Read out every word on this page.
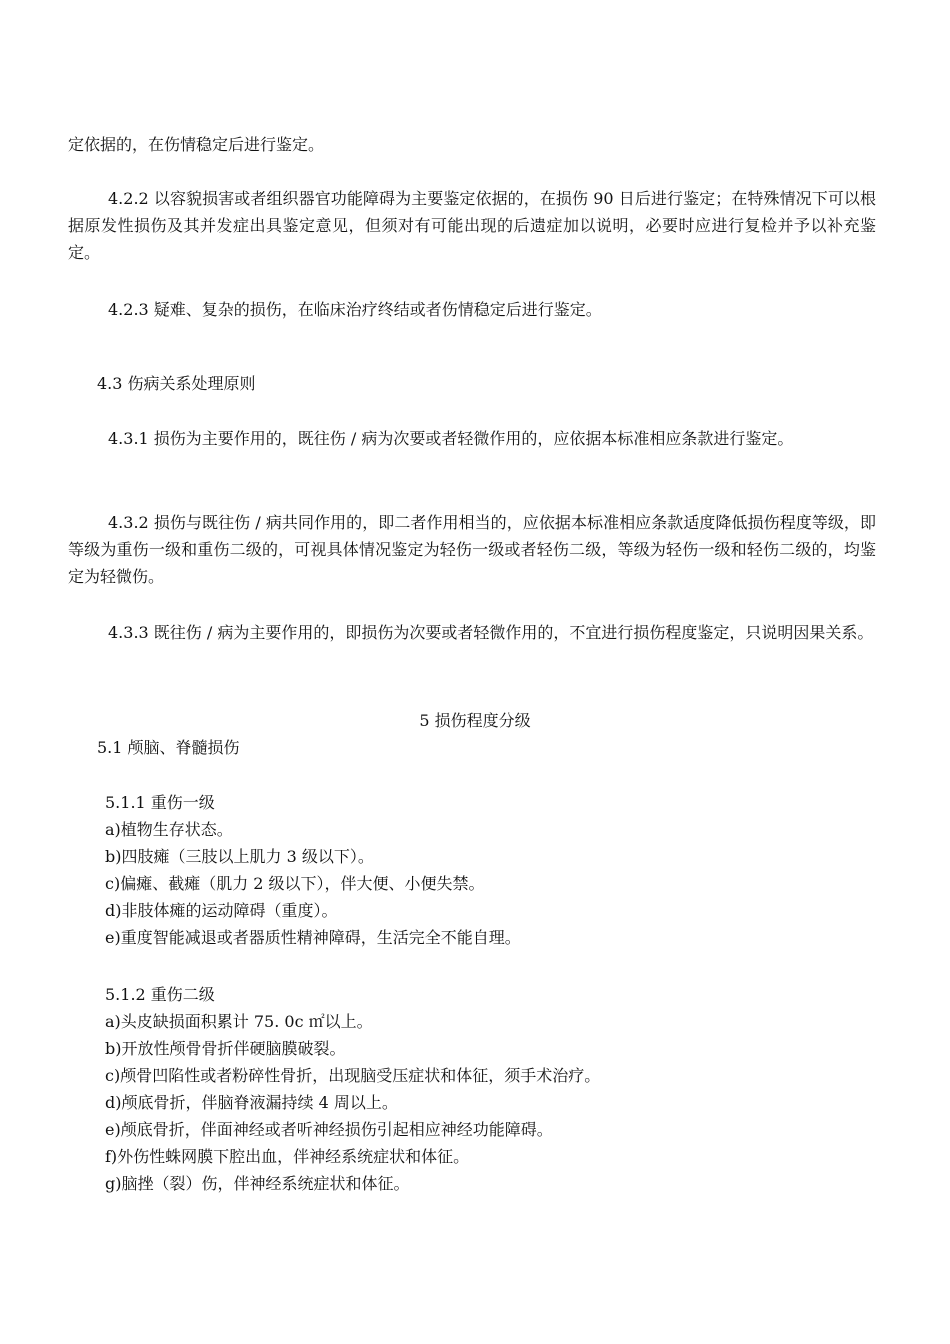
定依据的，在伤情稳定后进行鉴定。

4.2.2 以容貌损害或者组织器官功能障碍为主要鉴定依据的，在损伤 90 日后进行鉴定；在特殊情况下可以根据原发性损伤及其并发症出具鉴定意见，但须对有可能出现的后遗症加以说明，必要时应进行复检并予以补充鉴定。

4.2.3 疑难、复杂的损伤，在临床治疗终结或者伤情稳定后进行鉴定。

4.3 伤病关系处理原则

4.3.1 损伤为主要作用的，既往伤 / 病为次要或者轻微作用的，应依据本标准相应条款进行鉴定。

4.3.2 损伤与既往伤 / 病共同作用的，即二者作用相当的，应依据本标准相应条款适度降低损伤程度等级，即等级为重伤一级和重伤二级的，可视具体情况鉴定为轻伤一级或者轻伤二级，等级为轻伤一级和轻伤二级的，均鉴定为轻微伤。

4.3.3 既往伤 / 病为主要作用的，即损伤为次要或者轻微作用的，不宜进行损伤程度鉴定，只说明因果关系。

5 损伤程度分级

5.1 颅脑、脊髓损伤

5.1.1 重伤一级

a)植物生存状态。
b)四肢瘫（三肢以上肌力 3 级以下）。
c)偏瘫、截瘫（肌力 2 级以下），伴大便、小便失禁。
d)非肢体瘫的运动障碍（重度）。
e)重度智能减退或者器质性精神障碍，生活完全不能自理。

5.1.2 重伤二级

a)头皮缺损面积累计 75. 0c ㎡以上。
b)开放性颅骨骨折伴硬脑膜破裂。
c)颅骨凹陷性或者粉碎性骨折，出现脑受压症状和体征，须手术治疗。
d)颅底骨折，伴脑脊液漏持续 4 周以上。
e)颅底骨折，伴面神经或者听神经损伤引起相应神经功能障碍。
f)外伤性蛛网膜下腔出血，伴神经系统症状和体征。
g)脑挫（裂）伤，伴神经系统症状和体征。
